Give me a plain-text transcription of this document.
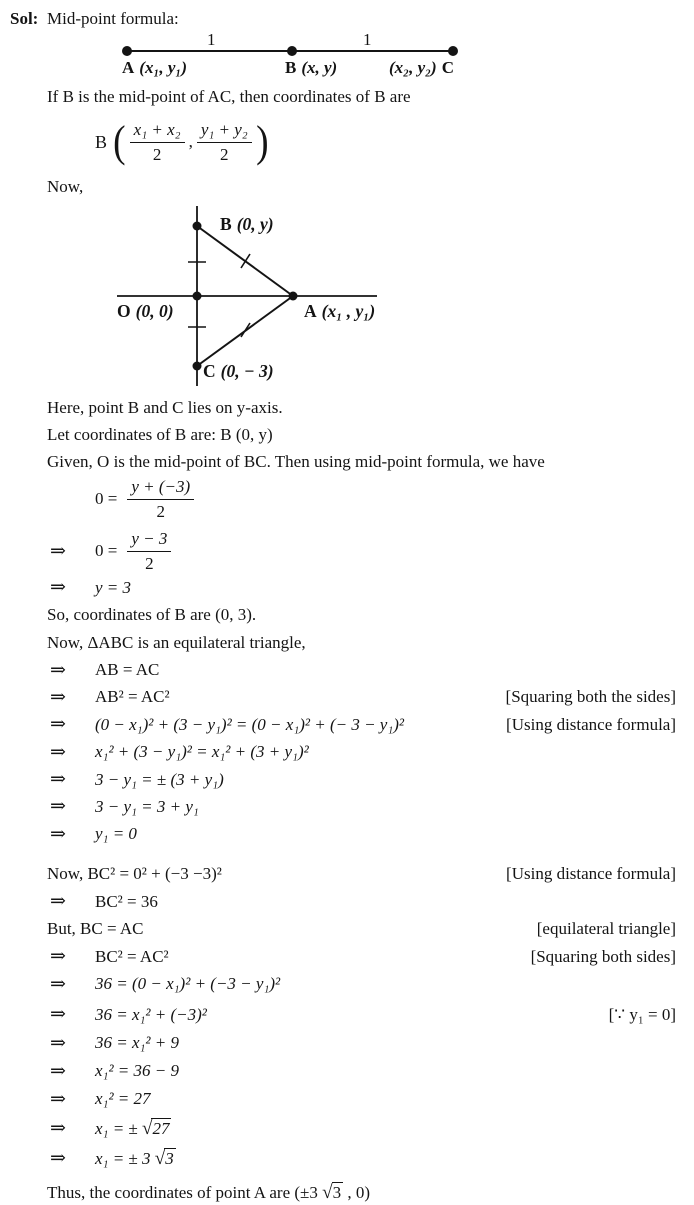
Sol: Mid-point formula:
1	1
A (x₁, y₁)	B (x, y)	(x₂, y₂) C
If B is the mid-point of AC, then coordinates of B are
B ( $\frac{\text{x₁ + x₂}}{2}$ , $\frac{\text{y₁ + y₂}}{2}$ )
Now,
B (0, y)
O (0, 0)	A (x₁ , y₁)
C (0, − 3)
Here, point B and C lies on y-axis.
Let coordinates of B are: B (0, y)
Given, O is the mid-point of BC. Then using mid-point formula, we have
$0 = \frac{y + (-3)}{2}$
⇒	$0 = \frac{y - 3}{2}$
⇒	y = 3
So, coordinates of B are (0, 3).
Now, ΔABC is an equilateral triangle,
⇒	AB = AC
⇒	AB² = AC²	[Squaring both the sides]
⇒	(0 − x₁)² + (3 − y₁)² = (0 − x₁)² + (− 3 − y₁)²	[Using distance formula]
⇒	x₁² + (3 − y₁)² = x₁² + (3 + y₁)²
⇒	3 − y₁ = ± (3 + y₁)
⇒	3 − y₁ = 3 + y₁
⇒	y₁ = 0
Now, BC² = 0² + (−3 −3)²	[Using distance formula]
⇒	BC² = 36
But, BC = AC	[equilateral triangle]
⇒	BC² = AC²	[Squaring both sides]
⇒	36 = (0 − x₁)² + (−3 − y₁)²
⇒	36 = x₁² + (−3)²	[∵ y₁ = 0]
⇒	36 = x₁² + 9
⇒	x₁² = 36 − 9
⇒	x₁² = 27
⇒	x₁ = ± √27
⇒	x₁ = ± 3 √3
Thus, the coordinates of point A are (±3 √3 , 0)
